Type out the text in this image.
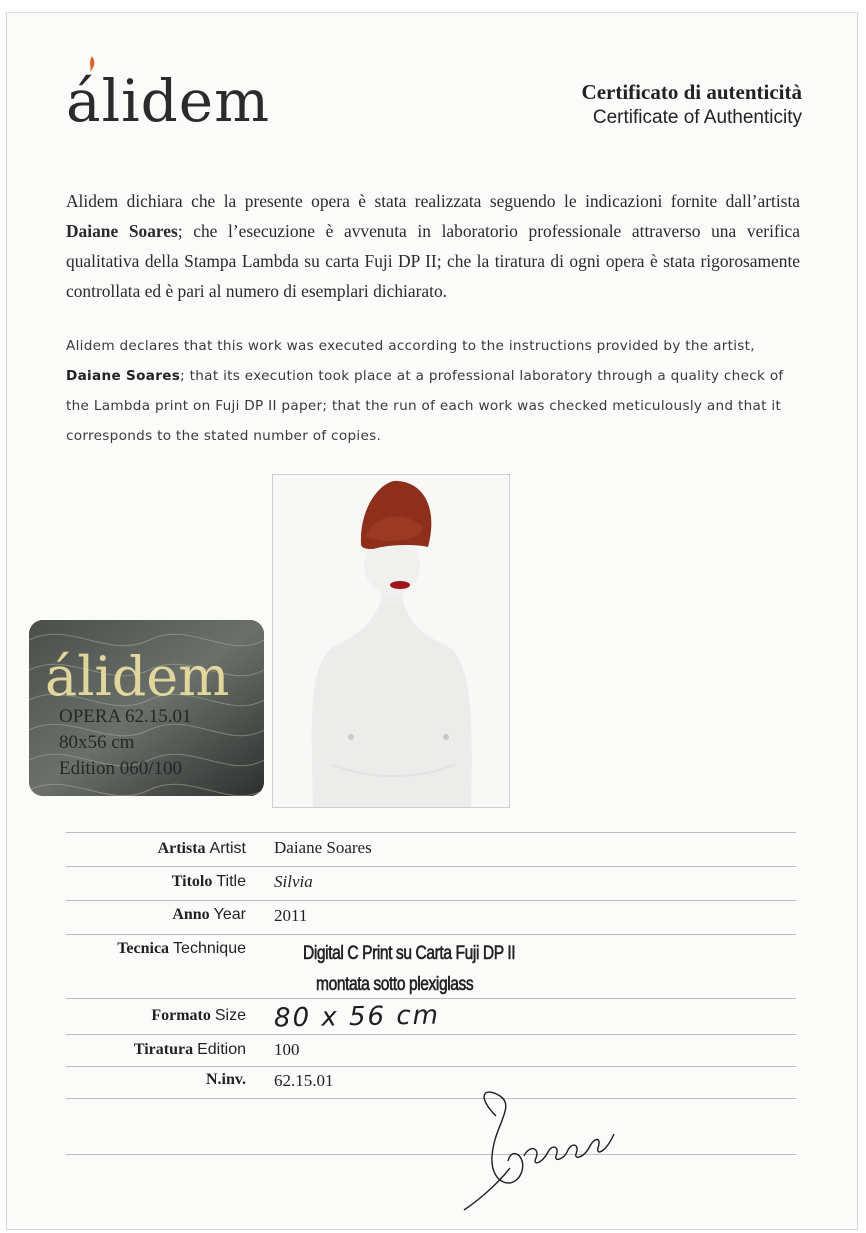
álidem	Certificato di autenticità
Certificate of Authenticity
Alidem dichiara che la presente opera è stata realizzata seguendo le indicazioni fornite dall’artista Daiane Soares; che l’esecuzione è avvenuta in laboratorio professionale attraverso una verifica qualitativa della Stampa Lambda su carta Fuji DP II; che la tiratura di ogni opera è stata rigorosamente controllata ed è pari al numero di esemplari dichiarato.
Alidem declares that this work was executed according to the instructions provided by the artist, Daiane Soares; that its execution took place at a professional laboratory through a quality check of the Lambda print on Fuji DP II paper; that the run of each work was checked meticulously and that it corresponds to the stated number of copies.
álidem
OPERA 62.15.01
80x56 cm
Edition 060/100
Artista Artist Daiane Soares
Titolo Title Silvia
Anno Year 2011
Tecnica Technique	Digital C Print su Carta Fuji DP II
montata sotto plexiglass
Formato Size 80 x 56 cm
Tiratura Edition 100
N.inv. 62.15.01
